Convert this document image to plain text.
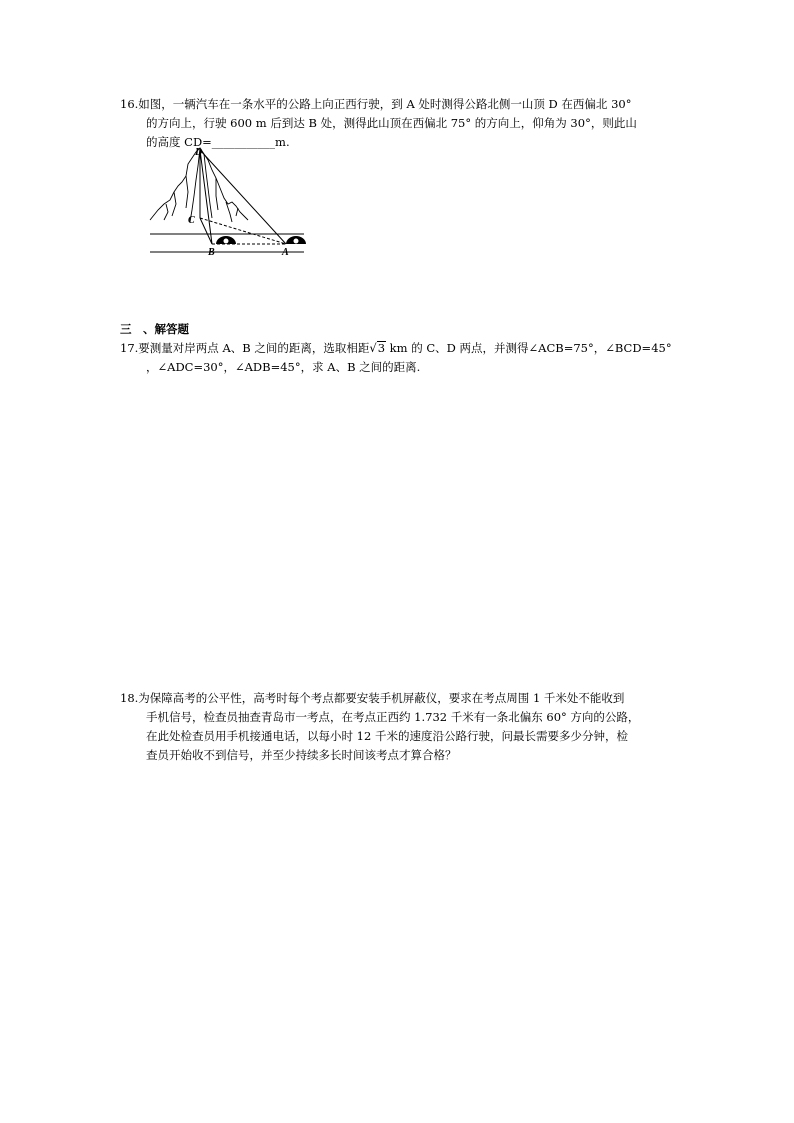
16.如图，一辆汽车在一条水平的公路上向正西行驶，到 A 处时测得公路北侧一山顶 D 在西偏北 30°
的方向上，行驶 600 m 后到达 B 处，测得此山顶在西偏北 75° 的方向上，仰角为 30°，则此山
的高度 CD=___________m.
D
C
B	A
三　、解答题
17.要测量对岸两点 A、B 之间的距离，选取相距√3 km 的 C、D 两点，并测得∠ACB=75°，∠BCD=45°
，∠ADC=30°，∠ADB=45°，求 A、B 之间的距离.
18.为保障高考的公平性，高考时每个考点都要安装手机屏蔽仪，要求在考点周围 1 千米处不能收到
手机信号，检查员抽查青岛市一考点，在考点正西约 1.732 千米有一条北偏东 60° 方向的公路，
在此处检查员用手机接通电话，以每小时 12 千米的速度沿公路行驶，问最长需要多少分钟，检
查员开始收不到信号，并至少持续多长时间该考点才算合格？
